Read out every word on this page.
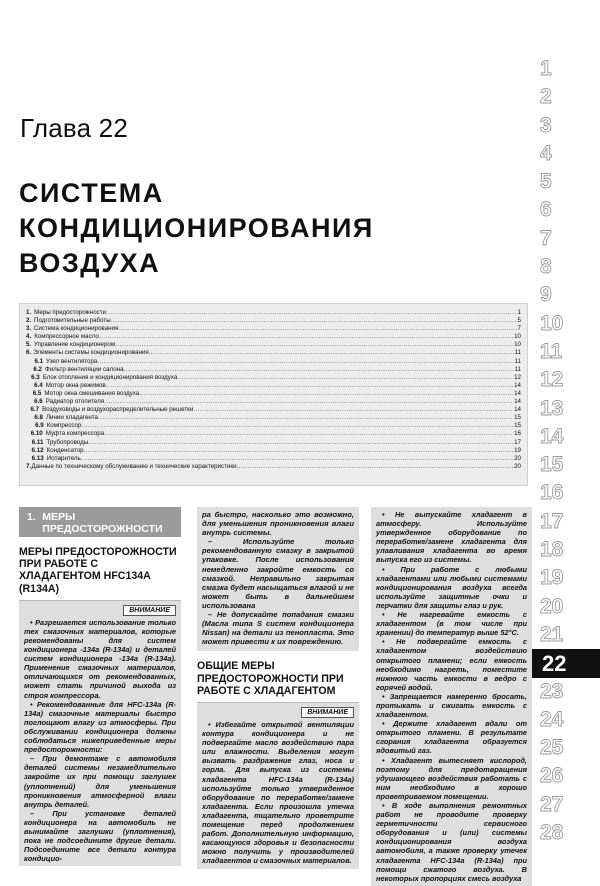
Глава 22
СИСТЕМА
КОНДИЦИОНИРОВАНИЯ
ВОЗДУХА
1
2
3
4
5
6
7
8
9
10
11
12
13
14
15
16
17
18
19
20
21
22
23
24
25
26
27
28
1. Меры предосторожности .....	1
2. Подготовительные работы .....	5
3. Система кондиционирования .....	7
4. Компрессорное масло .....	10
5. Управление кондиционером .....	10
6. Элементы системы кондиционирования .....	11
6.1 Узел вентилятора .....	11
6.2 Фильтр вентиляции салона .....	11
6.3 Блок отопления и кондиционирования воздуха .....	12
6.4 Мотор окна режимов .....	14
6.5 Мотор окна смешивания воздуха .....	14
6.6 Радиатор отопителя .....	14
6.7 Воздуховоды и воздухораспределительные решетки .....	14
6.8 Линии хладагента .....	15
6.9 Компрессор .....	15
6.10 Муфта компрессора .....	16
6.11 Трубопроводы .....	17
6.12 Конденсатор .....	19
6.13 Испаритель .....	20
7. Данные по техническому обслуживанию и технические характеристики .....	20
1. МЕРЫ ПРЕДОСТОРОЖНОСТИ
МЕРЫ ПРЕДОСТОРОЖНОСТИ ПРИ РАБОТЕ С ХЛАДАГЕНТОМ HFC134A (R134A)
ВНИМАНИЕ

• Разрешается использование только тех смазочных материалов, которые рекомендованы для систем кондиционера -134а (R-134a) и деталей систем кондиционера -134а (R-134a). Применение смазочных материалов, отличающихся от рекомендованных, может стать причиной выхода из строя компрессора.

• Рекомендованные для HFC-134a (R-134a) смазочные материалы быстро поглощают влагу из атмосферы. При обслуживании кондиционера должны соблюдаться нижеприведенные меры предосторожности:

– При демонтаже с автомобиля деталей системы незамедлительно закройте их при помощи заглушек (уплотнений) для уменьшения проникновения атмосферной влаги внутрь деталей.

– При установке деталей кондиционера на автомобиль не вынимайте заглушки (уплотнения), пока не подсоедините другие детали. Подсоедините все детали контура кондицио-

ра быстро, насколько это возможно, для уменьшения проникновения влаги внутрь системы.

– Используйте только рекомендованную смазку в закрытой упаковке. После использования немедленно закройте емкость со смазкой. Неправильно закрытая смазка будет насыщаться влагой и не может быть в дальнейшем использована

– Не допускайте попадания смазки (Масла типа S систем кондиционера Nissan) на детали из пенопласта. Это может привести к их повреждению.

ОБЩИЕ МЕРЫ ПРЕДОСТОРОЖНОСТИ ПРИ РАБОТЕ С ХЛАДАГЕНТОМ
ВНИМАНИЕ

• Избегайте открытой вентиляции контура кондиционера и не подвергайте масло воздействию пара или влажности. Выделения могут вызвать раздражение глаз, носа и горла. Для выпуска из системы хладагента HFC-134a (R-134a) используйте только утвержденное оборудование по переработке/замене хладагента. Если произошла утечка хладагента, тщательно проветрите помещение перед продолжением работ. Дополнительную информацию, касающуюся здоровья и безопасности можно получить у производителей хладагентов и смазочных материалов.

• Не выпускайте хладагент в атмосферу. Используйте утвержденное оборудование по переработке/замене хладагента для улавливания хладагента во время выпуска его из системы.

• При работе с любыми хладагентами или любыми системами кондиционирования воздуха всегда используйте защитные очки и перчатки для защиты глаз и рук.

• Не нагревайте емкость с хладагентом (в том числе при хранении) до температур выше 52°С.

• Не подвергайте емкость с хладагентом воздействию открытого пламени; если емкость необходимо нагреть, поместите нижнюю часть емкости в ведро с горячей водой.

• Запрещается намеренно бросать, протыкать и сжигать емкость с хладагентом.

• Держите хладагент вдали от открытого пламени. В результате сгорания хладагента образуется ядовитый газ.

• Хладагент вытесняет кислород, поэтому для предотвращения удушающего воздействия работать с ним необходимо в хорошо проветриваемом помещении.

• В ходе выполнения ремонтных работ не проводите проверку герметичности сервисного оборудования и (или) системы кондиционирования воздуха автомобиля, а также проверку утечек хладагента HFC-134a (R-134a) при помощи сжатого воздуха. В некоторых пропорциях смесь воздуха
